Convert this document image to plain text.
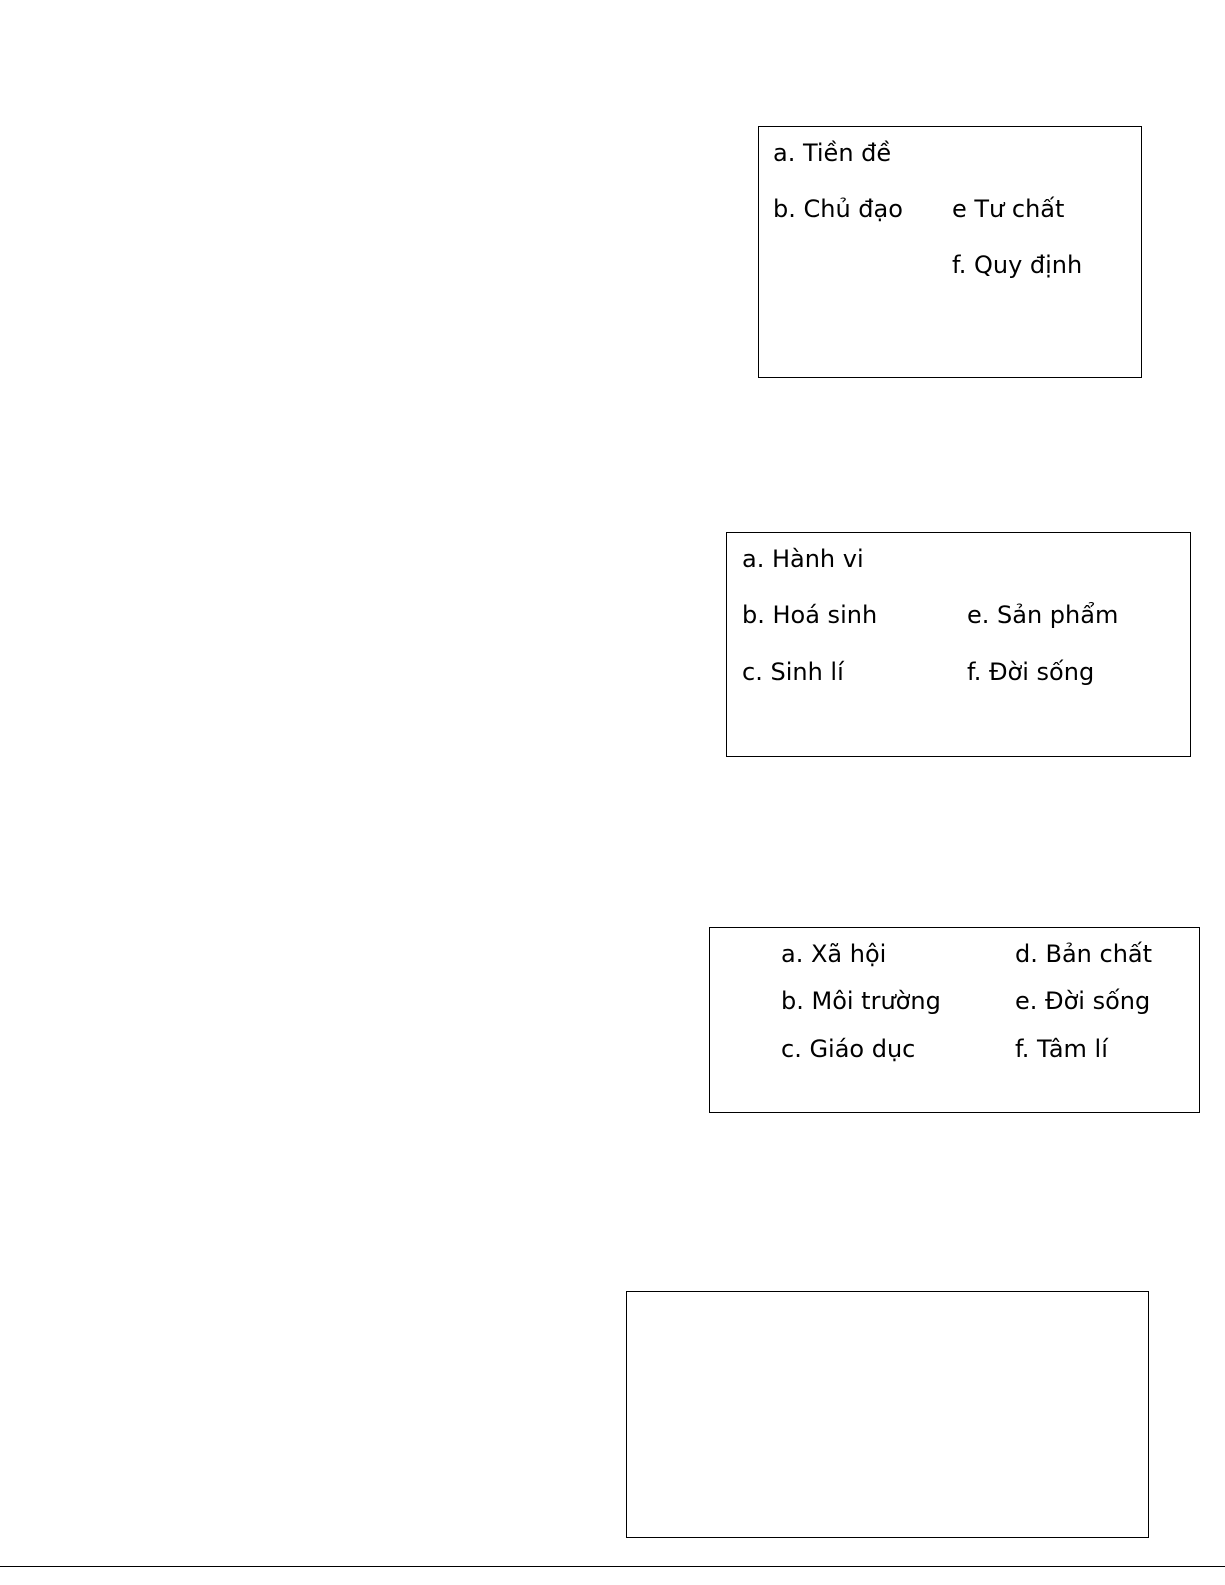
a. Tiền đề
b. Chủ đạo e Tư chất
f. Quy định
a. Hành vi
b. Hoá sinh
c. Sinh lí
e. Sản phẩm
f. Đời sống
a. Xã hội
b. Môi trường
c. Giáo dục
d. Bản chất
e. Đời sống
f. Tâm lí
